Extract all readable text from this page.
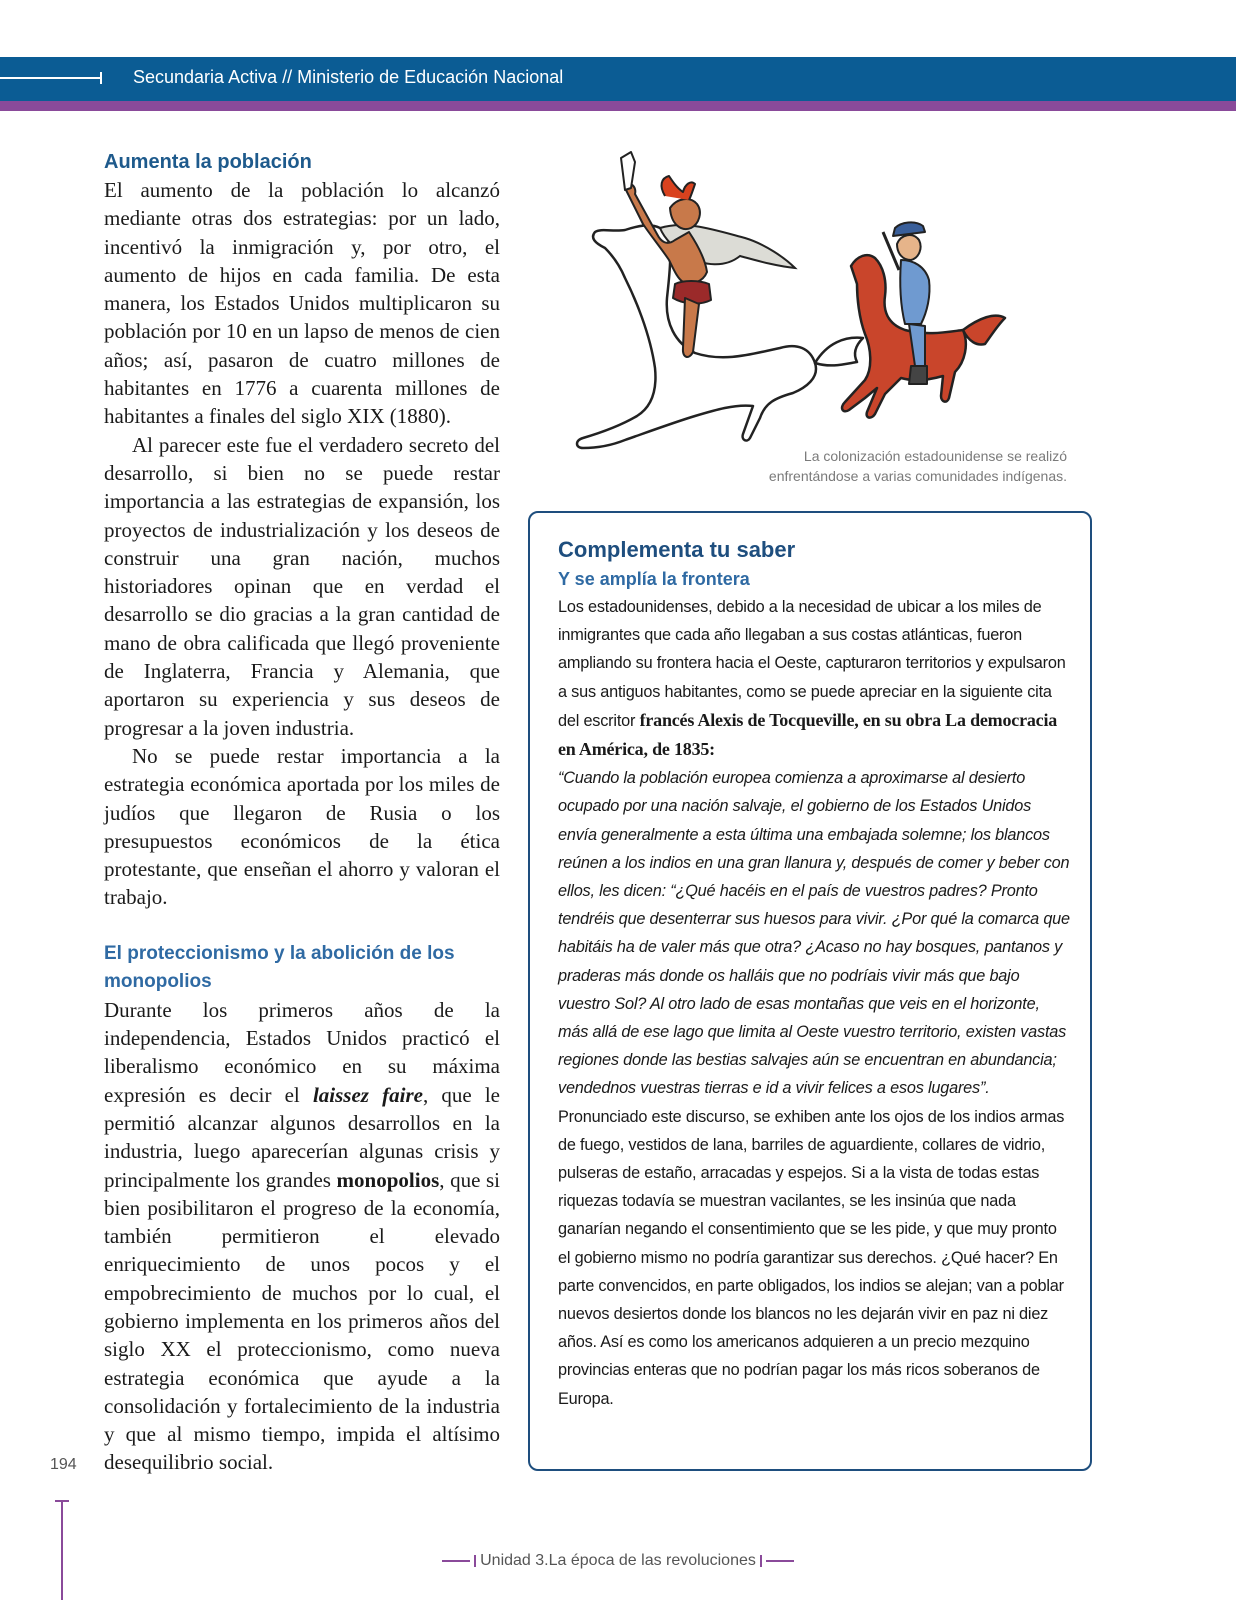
Secundaria Activa // Ministerio de Educación Nacional
Aumenta la población

El aumento de la población lo alcanzó mediante otras dos estrategias: por un lado, incentivó la inmigración y, por otro, el aumento de hijos en cada familia. De esta manera, los Estados Unidos multiplicaron su población por 10 en un lapso de menos de cien años; así, pasaron de cuatro millones de habitantes en 1776 a cuarenta millones de habitantes a finales del siglo XIX (1880).

Al parecer este fue el verdadero secreto del desarrollo, si bien no se puede restar importancia a las estrategias de expansión, los proyectos de industrialización y los deseos de construir una gran nación, muchos historiadores opinan que en verdad el desarrollo se dio gracias a la gran cantidad de mano de obra calificada que llegó proveniente de Inglaterra, Francia y Alemania, que aportaron su experiencia y sus deseos de progresar a la joven industria.

No se puede restar importancia a la estrategia económica aportada por los miles de judíos que llegaron de Rusia o los presupuestos económicos de la ética protestante, que enseñan el ahorro y valoran el trabajo.

El proteccionismo y la abolición de los monopolios

Durante los primeros años de la independencia, Estados Unidos practicó el liberalismo económico en su máxima expresión es decir el laissez faire, que le permitió alcanzar algunos desarrollos en la industria, luego aparecerían algunas crisis y principalmente los grandes monopolios, que si bien posibilitaron el progreso de la economía, también permitieron el elevado enriquecimiento de unos pocos y el empobrecimiento de muchos por lo cual, el gobierno implementa en los primeros años del siglo XX el proteccionismo, como nueva estrategia económica que ayude a la consolidación y fortalecimiento de la industria y que al mismo tiempo, impida el altísimo desequilibrio social.

La colonización estadounidense se realizó enfrentándose a varias comunidades indígenas.
Complementa tu saber
Y se amplía la frontera

Los estadounidenses, debido a la necesidad de ubicar a los miles de inmigrantes que cada año llegaban a sus costas atlánticas, fueron ampliando su frontera hacia el Oeste, capturaron territorios y expulsaron a sus antiguos habitantes, como se puede apreciar en la siguiente cita del escritor francés Alexis de Tocqueville, en su obra La democracia en América, de 1835:

“Cuando la población europea comienza a aproximarse al desierto ocupado por una nación salvaje, el gobierno de los Estados Unidos envía generalmente a esta última una embajada solemne; los blancos reúnen a los indios en una gran llanura y, después de comer y beber con ellos, les dicen: “¿Qué hacéis en el país de vuestros padres? Pronto tendréis que desenterrar sus huesos para vivir. ¿Por qué la comarca que habitáis ha de valer más que otra? ¿Acaso no hay bosques, pantanos y praderas más donde os halláis que no podríais vivir más que bajo vuestro Sol? Al otro lado de esas montañas que veis en el horizonte, más allá de ese lago que limita al Oeste vuestro territorio, existen vastas regiones donde las bestias salvajes aún se encuentran en abundancia; vendednos vuestras tierras e id a vivir felices a esos lugares”.

Pronunciado este discurso, se exhiben ante los ojos de los indios armas de fuego, vestidos de lana, barriles de aguardiente, collares de vidrio, pulseras de estaño, arracadas y espejos. Si a la vista de todas estas riquezas todavía se muestran vacilantes, se les insinúa que nada ganarían negando el consentimiento que se les pide, y que muy pronto el gobierno mismo no podría garantizar sus derechos. ¿Qué hacer? En parte convencidos, en parte obligados, los indios se alejan; van a poblar nuevos desiertos donde los blancos no les dejarán vivir en paz ni diez años. Así es como los americanos adquieren a un precio mezquino provincias enteras que no podrían pagar los más ricos soberanos de Europa.

194
Unidad 3.La época de las revoluciones
